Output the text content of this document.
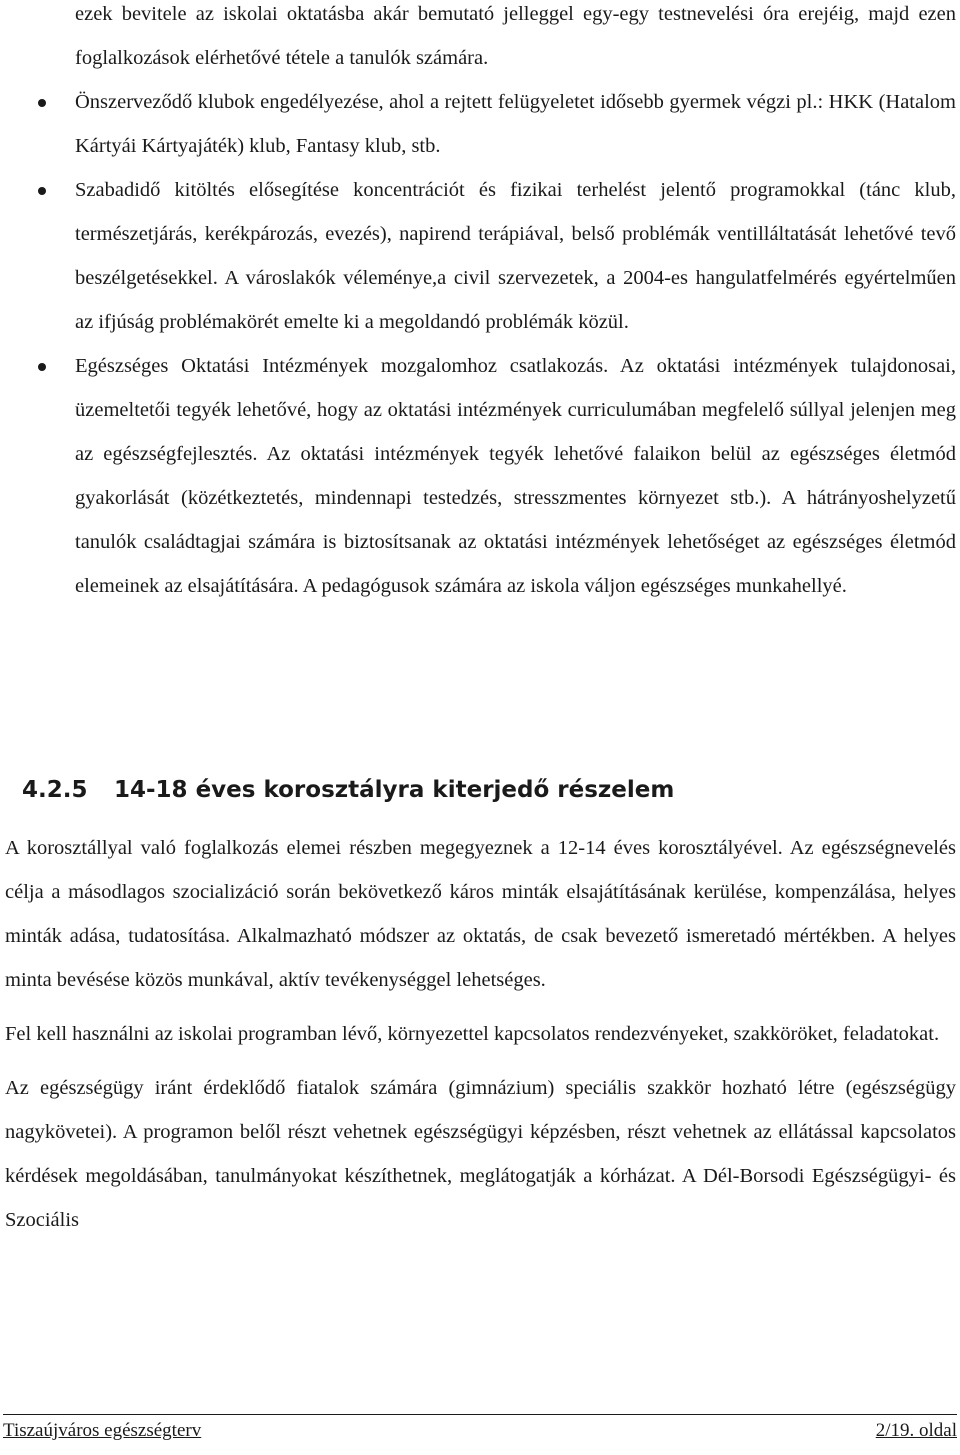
ezek bevitele az iskolai oktatásba akár bemutató jelleggel egy-egy testnevelési óra erejéig, majd ezen foglalkozások elérhetővé tétele a tanulók számára.

Önszerveződő klubok engedélyezése, ahol a rejtett felügyeletet idősebb gyermek végzi pl.: HKK (Hatalom Kártyái Kártyajáték) klub, Fantasy klub, stb.

Szabadidő kitöltés elősegítése koncentrációt és fizikai terhelést jelentő programokkal (tánc klub, természetjárás, kerékpározás, evezés), napirend terápiával, belső problémák ventilláltatását lehetővé tevő beszélgetésekkel. A városlakók véleménye,a civil szervezetek, a 2004-es hangulatfelmérés egyértelműen az ifjúság problémakörét emelte ki a megoldandó problémák közül.

Egészséges Oktatási Intézmények mozgalomhoz csatlakozás. Az oktatási intézmények tulajdonosai, üzemeltetői tegyék lehetővé, hogy az oktatási intézmények curriculumában megfelelő súllyal jelenjen meg az egészségfejlesztés. Az oktatási intézmények tegyék lehetővé falaikon belül az egészséges életmód gyakorlását (közétkeztetés, mindennapi testedzés, stresszmentes környezet stb.). A hátrányoshelyzetű tanulók családtagjai számára is biztosítsanak az oktatási intézmények lehetőséget az egészséges életmód elemeinek az elsajátítására. A pedagógusok számára az iskola váljon egészséges munkahellyé.

4.2.5 14-18 éves korosztályra kiterjedő részelem

A korosztállyal való foglalkozás elemei részben megegyeznek a 12-14 éves korosztályével. Az egészségnevelés célja a másodlagos szocializáció során bekövetkező káros minták elsajátításának kerülése, kompenzálása, helyes minták adása, tudatosítása. Alkalmazható módszer az oktatás, de csak bevezető ismeretadó mértékben. A helyes minta bevésése közös munkával, aktív tevékenységgel lehetséges.

Fel kell használni az iskolai programban lévő, környezettel kapcsolatos rendezvényeket, szakköröket, feladatokat.

Az egészségügy iránt érdeklődő fiatalok számára (gimnázium) speciális szakkör hozható létre (egészségügy nagykövetei). A programon belől részt vehetnek egészségügyi képzésben, részt vehetnek az ellátással kapcsolatos kérdések megoldásában, tanulmányokat készíthetnek, meglátogatják a kórházat. A Dél-Borsodi Egészségügyi- és Szociális

Tiszaújváros egészségterv	2/19. oldal
